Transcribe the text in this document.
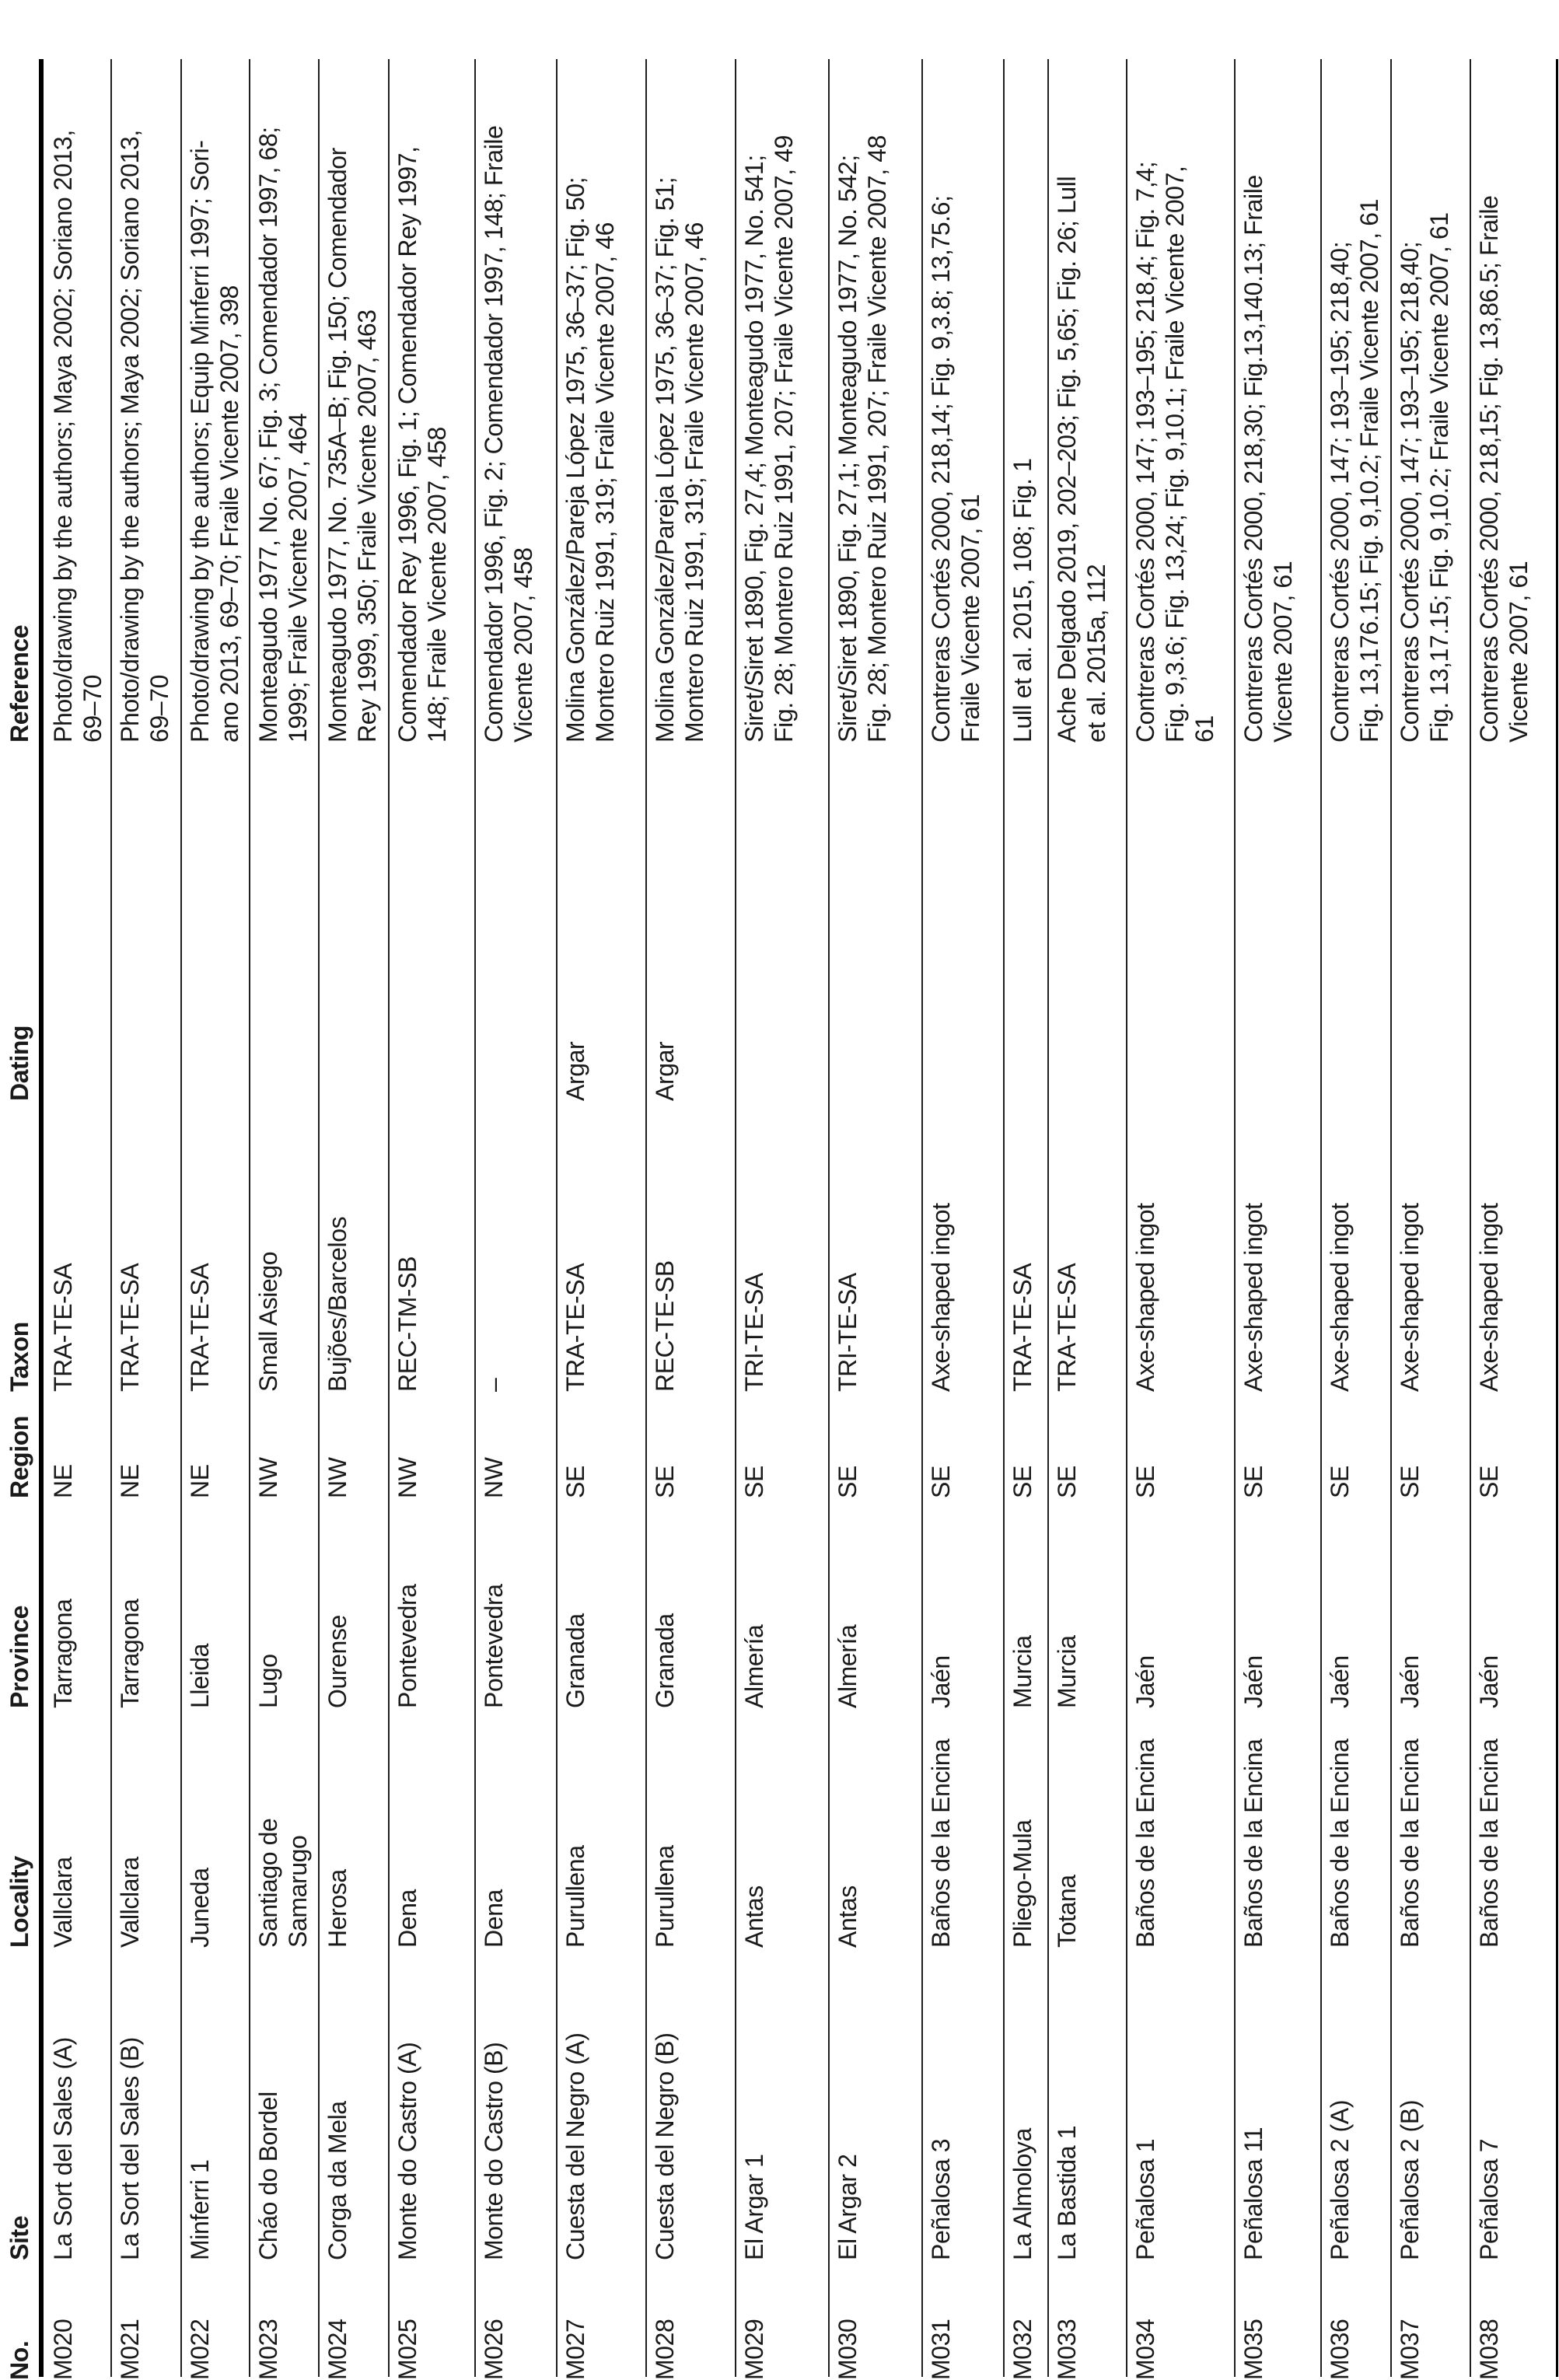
No.
Site
Locality
Province
Region
Taxon
Dating
Reference
M020
La Sort del Sales (A)
Vallclara
Tarragona
NE
TRA-TE-SA
Photo/drawing by the authors; Maya 2002; Soriano 2013, 69–70
M021
La Sort del Sales (B)
Vallclara
Tarragona
NE
TRA-TE-SA
Photo/drawing by the authors; Maya 2002; Soriano 2013, 69–70
M022
Minferri 1
Juneda
Lleida
NE
TRA-TE-SA
Photo/drawing by the authors; Equip Minferri 1997; Sori- ano 2013, 69–70; Fraile Vicente 2007, 398
M023
Cháo do Bordel
Santiago de Samarugo
Lugo
NW
Small Asiego
Monteagudo 1977, No. 67; Fig. 3; Comendador 1997, 68; 1999; Fraile Vicente 2007, 464
M024
Corga da Mela
Herosa
Ourense
NW
Bujões/Barcelos
Monteagudo 1977, No. 735A–B; Fig. 150; Comendador Rey 1999, 350; Fraile Vicente 2007, 463
M025
Monte do Castro (A)
Dena
Pontevedra
NW
REC-TM-SB
Comendador Rey 1996, Fig. 1; Comendador Rey 1997, 148; Fraile Vicente 2007, 458
M026
Monte do Castro (B)
Dena
Pontevedra
NW
–
Comendador 1996, Fig. 2; Comendador 1997, 148; Fraile Vicente 2007, 458
M027
Cuesta del Negro (A)
Purullena
Granada
SE
TRA-TE-SA
Argar
Molina González/Pareja López 1975, 36–37; Fig. 50; Montero Ruiz 1991, 319; Fraile Vicente 2007, 46
M028
Cuesta del Negro (B)
Purullena
Granada
SE
REC-TE-SB
Argar
Molina González/Pareja López 1975, 36–37; Fig. 51; Montero Ruiz 1991, 319; Fraile Vicente 2007, 46
M029
El Argar 1
Antas
Almería
SE
TRI-TE-SA
Siret/Siret 1890, Fig. 27,4; Monteagudo 1977, No. 541; Fig. 28; Montero Ruiz 1991, 207; Fraile Vicente 2007, 49
M030
El Argar 2
Antas
Almería
SE
TRI-TE-SA
Siret/Siret 1890, Fig. 27,1; Monteagudo 1977, No. 542; Fig. 28; Montero Ruiz 1991, 207; Fraile Vicente 2007, 48
M031
Peñalosa 3
Baños de la Encina
Jaén
SE
Axe-shaped ingot
Contreras Cortés 2000, 218,14; Fig. 9,3.8; 13,75.6; Fraile Vicente 2007, 61
M032
La Almoloya
Pliego-Mula
Murcia
SE
TRA-TE-SA
Lull et al. 2015, 108; Fig. 1
M033
La Bastida 1
Totana
Murcia
SE
TRA-TE-SA
Ache Delgado 2019, 202–203; Fig. 5,65; Fig. 26; Lull et al. 2015a, 112
M034
Peñalosa 1
Baños de la Encina
Jaén
SE
Axe-shaped ingot
Contreras Cortés 2000, 147; 193–195; 218,4; Fig. 7,4; Fig. 9,3.6; Fig. 13,24; Fig. 9,10.1; Fraile Vicente 2007, 61
M035
Peñalosa 11
Baños de la Encina
Jaén
SE
Axe-shaped ingot
Contreras Cortés 2000, 218,30; Fig.13,140.13; Fraile Vicente 2007, 61
M036
Peñalosa 2 (A)
Baños de la Encina
Jaén
SE
Axe-shaped ingot
Contreras Cortés 2000, 147; 193–195; 218,40; Fig. 13,176.15; Fig. 9,10.2; Fraile Vicente 2007, 61
M037
Peñalosa 2 (B)
Baños de la Encina
Jaén
SE
Axe-shaped ingot
Contreras Cortés 2000, 147; 193–195; 218,40; Fig. 13,17.15; Fig. 9,10.2; Fraile Vicente 2007, 61
M038
Peñalosa 7
Baños de la Encina
Jaén
SE
Axe-shaped ingot
Contreras Cortés 2000, 218,15; Fig. 13,86.5; Fraile Vicente 2007, 61
